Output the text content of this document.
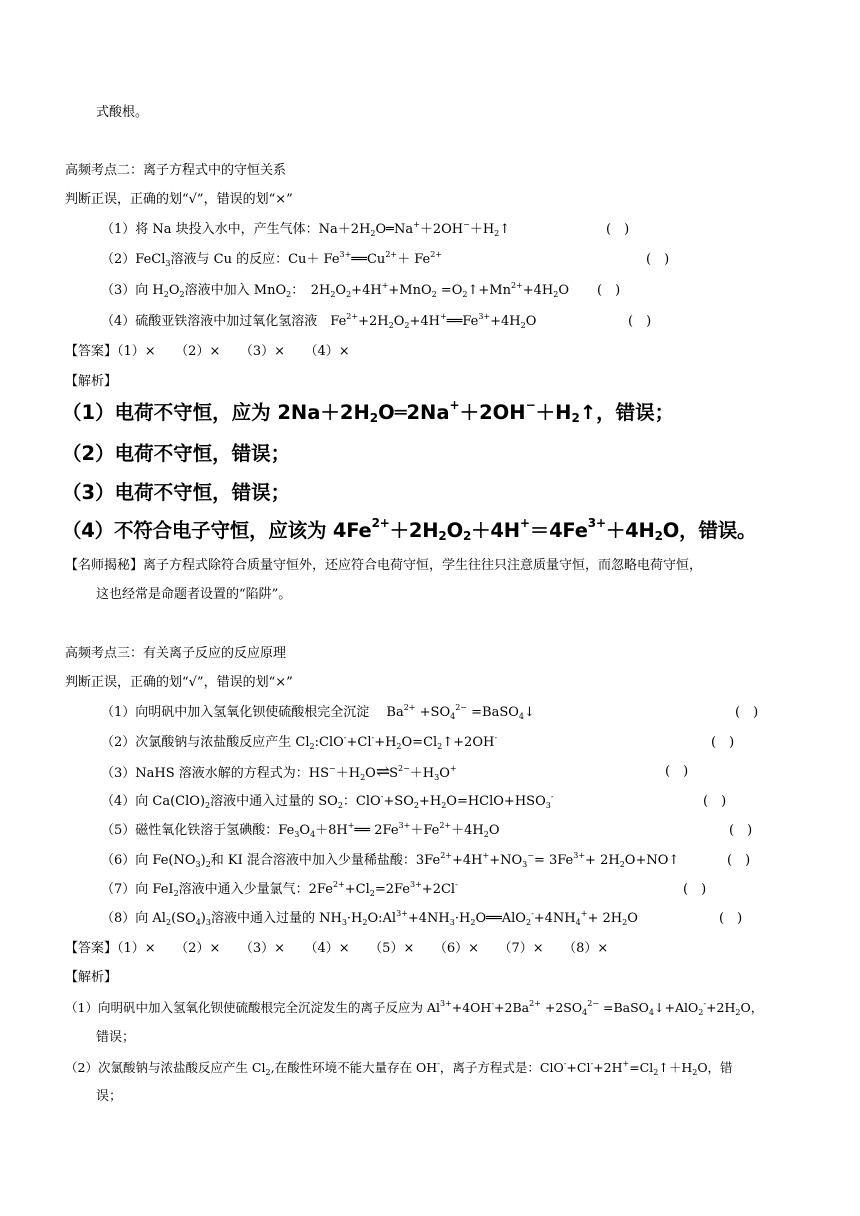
式酸根。
高频考点二：离子方程式中的守恒关系
判断正误，正确的划“√”，错误的划“×”
（1）将 Na 块投入水中，产生气体：$Na+2H_2O═Na^++2OH^-+H_2↑$	(　)
（2）FeCl$_3$溶液与 Cu 的反应：$Cu+ Fe^{3+}══Cu^{2+}+ Fe^{2+}$	(　)
（3）向 $H_2O_2$溶液中加入 MnO$_2$：　$2H_2O_2+4H^++MnO_2$ $=O_2↑+Mn^{2+}+4H_2O$ (　)
（4）硫酸亚铁溶液中加过氧化氢溶液　$Fe^{2+}+2H_2O_2+4H^+══Fe^{3+}+4H_2O$	(　)
【答案】（1）×　　（2）×　　（3）×　　（4）×
【解析】
（1）电荷不守恒，应为 $2Na+2H_2O═2Na^++2OH^-+H_2↑$，错误；
（2）电荷不守恒，错误；
（3）电荷不守恒，错误；
（4）不符合电子守恒，应该为 $4Fe^{2+}+2H_2O_2+4H^+=4Fe^{3+}+4H_2O$，错误。
【名师揭秘】离子方程式除符合质量守恒外，还应符合电荷守恒，学生往往只注意质量守恒，而忽略电荷守恒，
这也经常是命题者设置的“陷阱”。
高频考点三：有关离子反应的反应原理
判断正误，正确的划“√”，错误的划“×”
（1）向明矾中加入氢氧化钡使硫酸根完全沉淀　 $Ba^{2+} +SO_4^{2-}$ =BaSO$_4$↓	(　)
（2）次氯酸钠与浓盐酸反应产生 $Cl_2:ClO^-+Cl^-+H_2O=Cl_2↑+2OH^-$	(　)
（3）NaHS 溶液水解的方程式为：$HS^-+H_2O\rightleftharpoons S^{2-}+H_3O^+$	(　)
（4）向 $Ca(ClO)_2$溶液中通入过量的 $SO_2$：$ClO^-+SO_2+H_2O=HClO+HSO_3^-$	(　)
（5）磁性氧化铁溶于氢碘酸：$Fe_3O_4+8H^+══$ $2Fe^{3+}+Fe^{2+}+4H_2O$	(　)
（6）向 $Fe(NO_3)_2$和 KI 混合溶液中加入少量稀盐酸：$3Fe^{2+}+4H^++NO_3^-= 3Fe^{3+}+$ $2H_2O+NO↑$	(　)
（7）向 FeI$_2$溶液中通入少量氯气：$2Fe^{2+}+Cl_2=2Fe^{3+}+2Cl^-$	(　)
（8）向 $Al_2(SO_4)_3$溶液中通入过量的 $NH_3\cdot H_2O:Al^{3+}+4NH_3\cdot H_2O══AlO_2^-+4NH_4^++ 2H_2O$	(　)
【答案】（1）×　　（2）×　　（3）×　　（4）×　　（5）×　　（6）×　　（7）×　　（8）×
【解析】
（1）向明矾中加入氢氧化钡使硫酸根完全沉淀发生的离子反应为 $Al^{3+}+4OH^-+2Ba^{2+} +2SO_4^{2-}$ $=BaSO_4↓+AlO_2^-+2H_2O$，
错误；
（2）次氯酸钠与浓盐酸反应产生 $Cl_2$,在酸性环境不能大量存在 OH-，离子方程式是：$ClO^-+Cl^-+2H^+=Cl_2↑+H_2O$，错
误；
